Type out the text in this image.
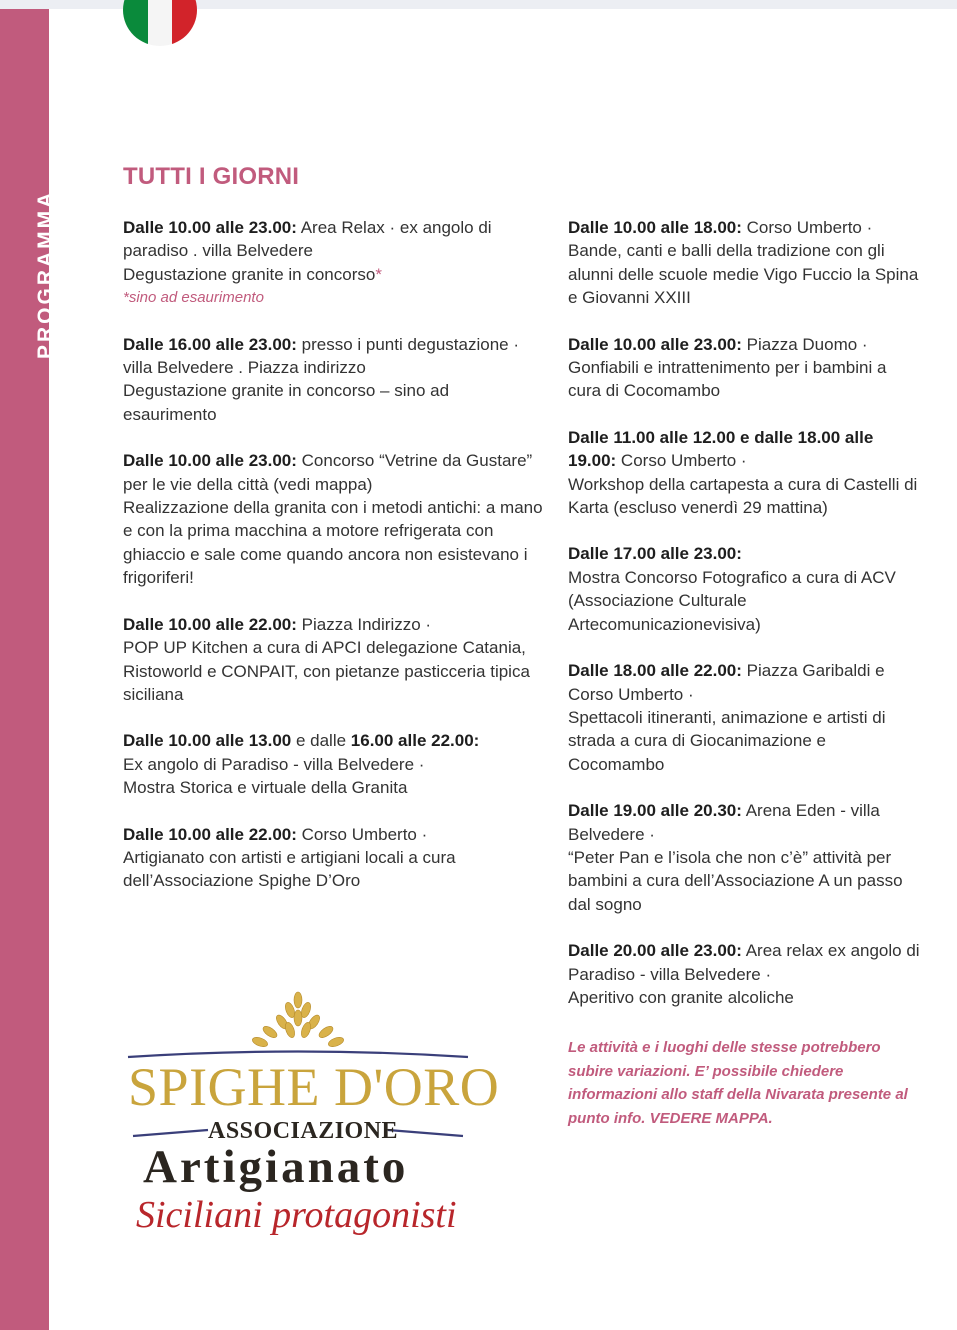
PROGRAMMA
TUTTI I GIORNI

Dalle 10.00 alle 23.00: Area Relax · ex angolo di paradiso . villa Belvedere

Degustazione granite in concorso*

*sino ad esaurimento

Dalle 16.00 alle 23.00: presso i punti degustazione · villa Belvedere . Piazza indirizzo

Degustazione granite in concorso – sino ad esaurimento

Dalle 10.00 alle 23.00: Concorso “Vetrine da Gustare” per le vie della città (vedi mappa)

Realizzazione della granita con i metodi antichi: a mano e con la prima macchina a motore refrigerata con ghiaccio e sale come quando ancora non esistevano i frigoriferi!

Dalle 10.00 alle 22.00: Piazza Indirizzo ·

POP UP Kitchen a cura di APCI delegazione Catania, Ristoworld e CONPAIT, con pietanze pasticceria tipica siciliana

Dalle 10.00 alle 13.00 e dalle 16.00 alle 22.00:

Ex angolo di Paradiso - villa Belvedere ·

Mostra Storica e virtuale della Granita

Dalle 10.00 alle 22.00: Corso Umberto ·

Artigianato con artisti e artigiani locali a cura dell’Associazione Spighe D’Oro

Dalle 10.00 alle 18.00: Corso Umberto · Bande, canti e balli della tradizione con gli alunni delle scuole medie Vigo Fuccio la Spina e Giovanni XXIII

Dalle 10.00 alle 23.00: Piazza Duomo · Gonfiabili e intrattenimento per i bambini a cura di Cocomambo

Dalle 11.00 alle 12.00 e dalle 18.00 alle 19.00: Corso Umberto ·

Workshop della cartapesta a cura di Castelli di Karta (escluso venerdì 29 mattina)

Dalle 17.00 alle 23.00:

Mostra Concorso Fotografico a cura di ACV (Associazione Culturale Artecomunicazionevisiva)

Dalle 18.00 alle 22.00: Piazza Garibaldi e Corso Umberto ·

Spettacoli itineranti, animazione e artisti di strada a cura di Giocanimazione e Cocomambo

Dalle 19.00 alle 20.30: Arena Eden - villa Belvedere ·

“Peter Pan e l’isola che non c’è” attività per bambini a cura dell’Associazione A un passo dal sogno

Dalle 20.00 alle 23.00: Area relax ex angolo di Paradiso - villa Belvedere ·

Aperitivo con granite alcoliche

Le attività e i luoghi delle stesse potrebbero subire variazioni. E’ possibile chiedere informazioni allo staff della Nivarata presente al punto info. VEDERE MAPPA.
SPIGHE D'ORO
ASSOCIAZIONE
Artigianato
Siciliani protagonisti
